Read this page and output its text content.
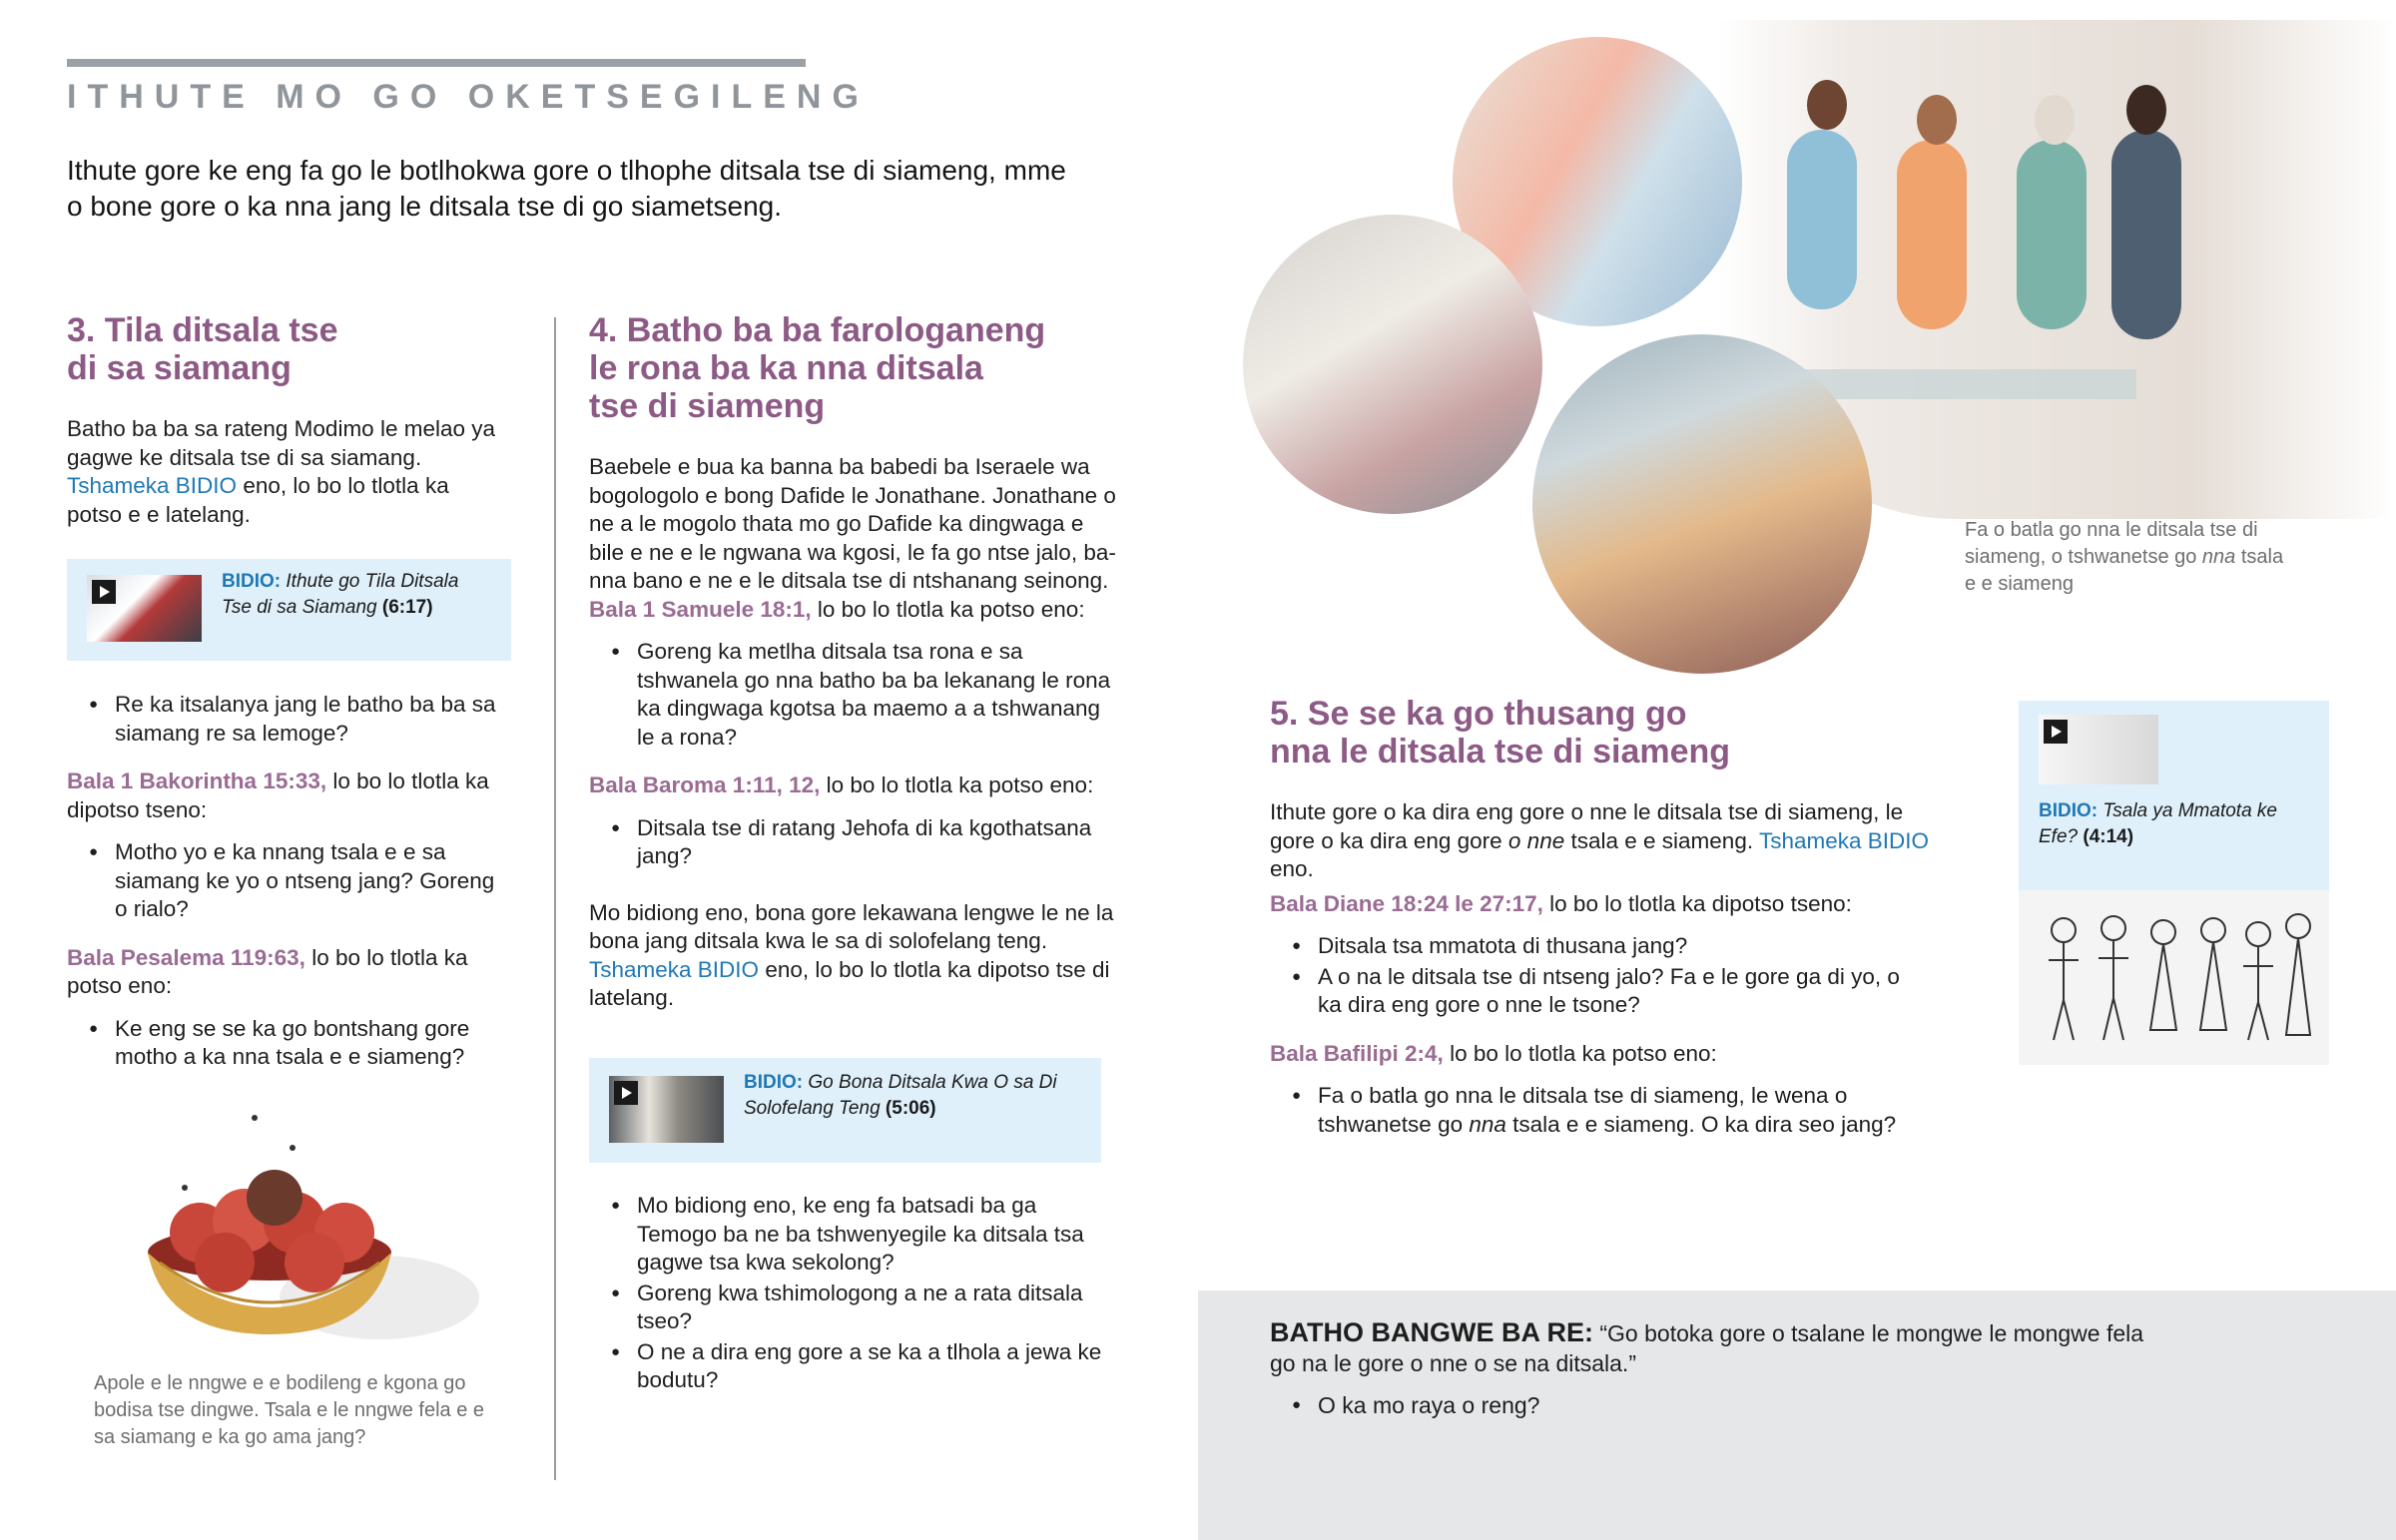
ITHUTE MO GO OKETSEGILENG
Ithute gore ke eng fa go le botlhokwa gore o tlhophe ditsala tse di siameng, mme o bone gore o ka nna jang le ditsala tse di go siametseng.
3. Tila ditsala tse
di sa siamang

Batho ba ba sa rateng Modimo le melao ya gagwe ke ditsala tse di sa siamang. Tshameka BIDIO eno, lo bo lo tlotla ka potso e e latelang.

BIDIO: Ithute go Tila Ditsala Tse di sa Siamang (6:17)
● Re ka itsalanya jang le batho ba ba sa siamang re sa lemoge?

Bala 1 Bakorintha 15:33, lo bo lo tlotla ka dipotso tseno:

● Motho yo e ka nnang tsala e e sa siamang ke yo o ntseng jang? Goreng o rialo?

Bala Pesalema 119:63, lo bo lo tlotla ka potso eno:

● Ke eng se se ka go bontshang gore motho a ka nna tsala e e siameng?
Apole e le nngwe e e bodileng e kgona go bodisa tse dingwe. Tsala e le nngwe fela e e sa siamang e ka go ama jang?
4. Batho ba ba farologaneng
le rona ba ka nna ditsala
tse di siameng

Baebele e bua ka banna ba babedi ba Iseraele wa bogologolo e bong Dafide le Jonathane. Jonathane o ne a le mogolo thata mo go Dafide ka dingwaga e bile e ne e le ngwana wa kgosi, le fa go ntse jalo, ba-nna bano e ne e le ditsala tse di ntshanang seinong.

Bala 1 Samuele 18:1, lo bo lo tlotla ka potso eno:

● Goreng ka metlha ditsala tsa rona e sa tshwanela go nna batho ba ba lekanang le rona ka dingwaga kgotsa ba maemo a a tshwanang le a rona?

Bala Baroma 1:11, 12, lo bo lo tlotla ka potso eno:

● Ditsala tse di ratang Jehofa di ka kgothatsana jang?

Mo bidiong eno, bona gore lekawana lengwe le ne la bona jang ditsala kwa le sa di solofelang teng. Tshameka BIDIO eno, lo bo lo tlotla ka dipotso tse di latelang.

BIDIO: Go Bona Ditsala Kwa O sa Di Solofelang Teng (5:06)
● Mo bidiong eno, ke eng fa batsadi ba ga Temogo ba ne ba tshwenyegile ka ditsala tsa gagwe tsa kwa sekolong?
● Goreng kwa tshimologong a ne a rata ditsala tseo?
● O ne a dira eng gore a se ka a tlhola a jewa ke bodutu?
Fa o batla go nna le ditsala tse di siameng, o tshwanetse go nna tsala e e siameng
5. Se se ka go thusang go
nna le ditsala tse di siameng

Ithute gore o ka dira eng gore o nne le ditsala tse di siameng, le gore o ka dira eng gore o nne tsala e e siameng. Tshameka BIDIO eno.

Bala Diane 18:24 le 27:17, lo bo lo tlotla ka dipotso tseno:

● Ditsala tsa mmatota di thusana jang?
● A o na le ditsala tse di ntseng jalo? Fa e le gore ga di yo, o ka dira eng gore o nne le tsone?

Bala Bafilipi 2:4, lo bo lo tlotla ka potso eno:

● Fa o batla go nna le ditsala tse di siameng, le wena o tshwanetse go nna tsala e e siameng. O ka dira seo jang?
BIDIO: Tsala ya Mmatota ke Efe? (4:14)

BATHO BANGWE BA RE: “Go botoka gore o tsalane le mongwe le mongwe fela go na le gore o nne o se na ditsala.”

● O ka mo raya o reng?
